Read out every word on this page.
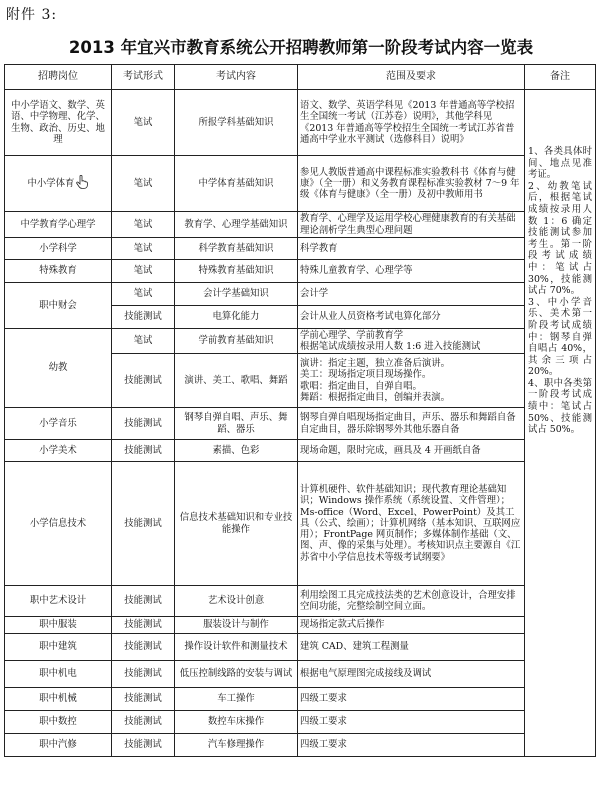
附件 3:
2013 年宜兴市教育系统公开招聘教师第一阶段考试内容一览表
招聘岗位	考试形式	考试内容	范围及要求	备注
中小学语文、数学、英语、中学物理、化学、生物、政治、历史、地理	笔试	所报学科基础知识	语文、数学、英语学科见《2013 年普通高等学校招生全国统一考试（江苏卷）说明》，其他学科见《2013 年普通高等学校招生全国统一考试江苏省普通高中学业水平测试（选修科目）说明》	1、各类具体时间、地点见准考证。
2、幼教笔试后，根据笔试成绩按录用人数 1：6 确定技能测试参加考生。第一阶段考试成绩中：笔试占 30%，技能测试占 70%。
3、中小学音乐、美术第一阶段考试成绩中：钢琴自弹自唱占 40%，其余三项占 20%。
4、职中各类第一阶段考试成绩中：笔试占 50%、技能测试占 50%。
中小学体育	笔试	中学体育基础知识	参见人教版普通高中课程标准实验教科书《体育与健康》（全一册）和义务教育课程标准实验教材 7～9 年级《体育与健康》（全一册）及初中教师用书	
中学教育学心理学	笔试	教育学、心理学基础知识	教育学、心理学及运用学校心理健康教育的有关基础理论剖析学生典型心理问题	
小学科学	笔试	科学教育基础知识	科学教育	
特殊教育	笔试	特殊教育基础知识	特殊儿童教育学、心理学等	
职中财会	笔试	会计学基础知识	会计学	
	技能测试	电算化能力	会计从业人员资格考试电算化部分	
幼教	笔试	学前教育基础知识	学前心理学、学前教育学
根据笔试成绩按录用人数 1:6 进入技能测试	
	技能测试	演讲、美工、歌唱、舞蹈	演讲：指定主题，独立准备后演讲。
美工：现场指定项目现场操作。
歌唱：指定曲目，自弹自唱。
舞蹈：根据指定曲目，创编并表演。	
小学音乐	技能测试	钢琴自弹自唱、声乐、舞蹈、器乐	钢琴自弹自唱现场指定曲目，声乐、器乐和舞蹈自备自定曲目，器乐除钢琴外其他乐器自备	
小学美术	技能测试	素描、色彩	现场命题，限时完成，画具及 4 开画纸自备	
小学信息技术	技能测试	信息技术基础知识和专业技能操作	计算机硬件、软件基础知识；现代教育理论基础知识；Windows 操作系统（系统设置、文件管理）；Ms-office（Word、Excel、PowerPoint）及其工具（公式、绘画）；计算机网络（基本知识、互联网应用）；FrontPage 网页制作；多媒体制作基础（文、图、声、像的采集与处理）。考核知识点主要源自《江苏省中小学信息技术等级考试纲要》	
职中艺术设计	技能测试	艺术设计创意	利用绘图工具完成技法类的艺术创意设计，合理安排空间功能，完整绘制空间立面。	
职中服装	技能测试	服装设计与制作	现场指定款式后操作	
职中建筑	技能测试	操作设计软件和测量技术	建筑 CAD、建筑工程测量	
职中机电	技能测试	低压控制线路的安装与调试	根据电气原理图完成接线及调试	
职中机械	技能测试	车工操作	四级工要求	
职中数控	技能测试	数控车床操作	四级工要求	
职中汽修	技能测试	汽车修理操作	四级工要求	
